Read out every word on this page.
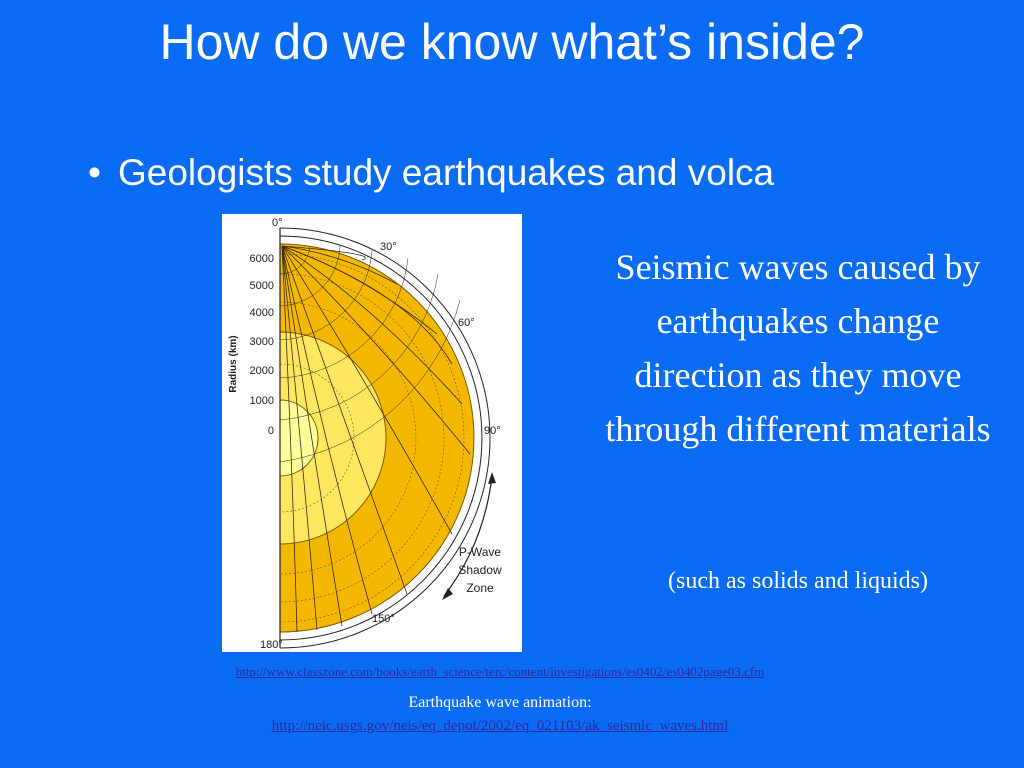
How do we know what’s inside?
• Geologists study earthquakes and volca
6000
5000
4000
3000
2000
1000
0
Radius (km)
0°
30°
60°
90°
150°
180°
P-Wave
Shadow
Zone
Seismic waves caused by earthquakes change direction as they move through different materials
(such as solids and liquids)
http://www.classzone.com/books/earth_science/terc/content/investigations/es0402/es0402page03.cfm
Earthquake wave animation:
http://neic.usgs.gov/neis/eq_depot/2002/eq_021103/ak_seismic_waves.html
